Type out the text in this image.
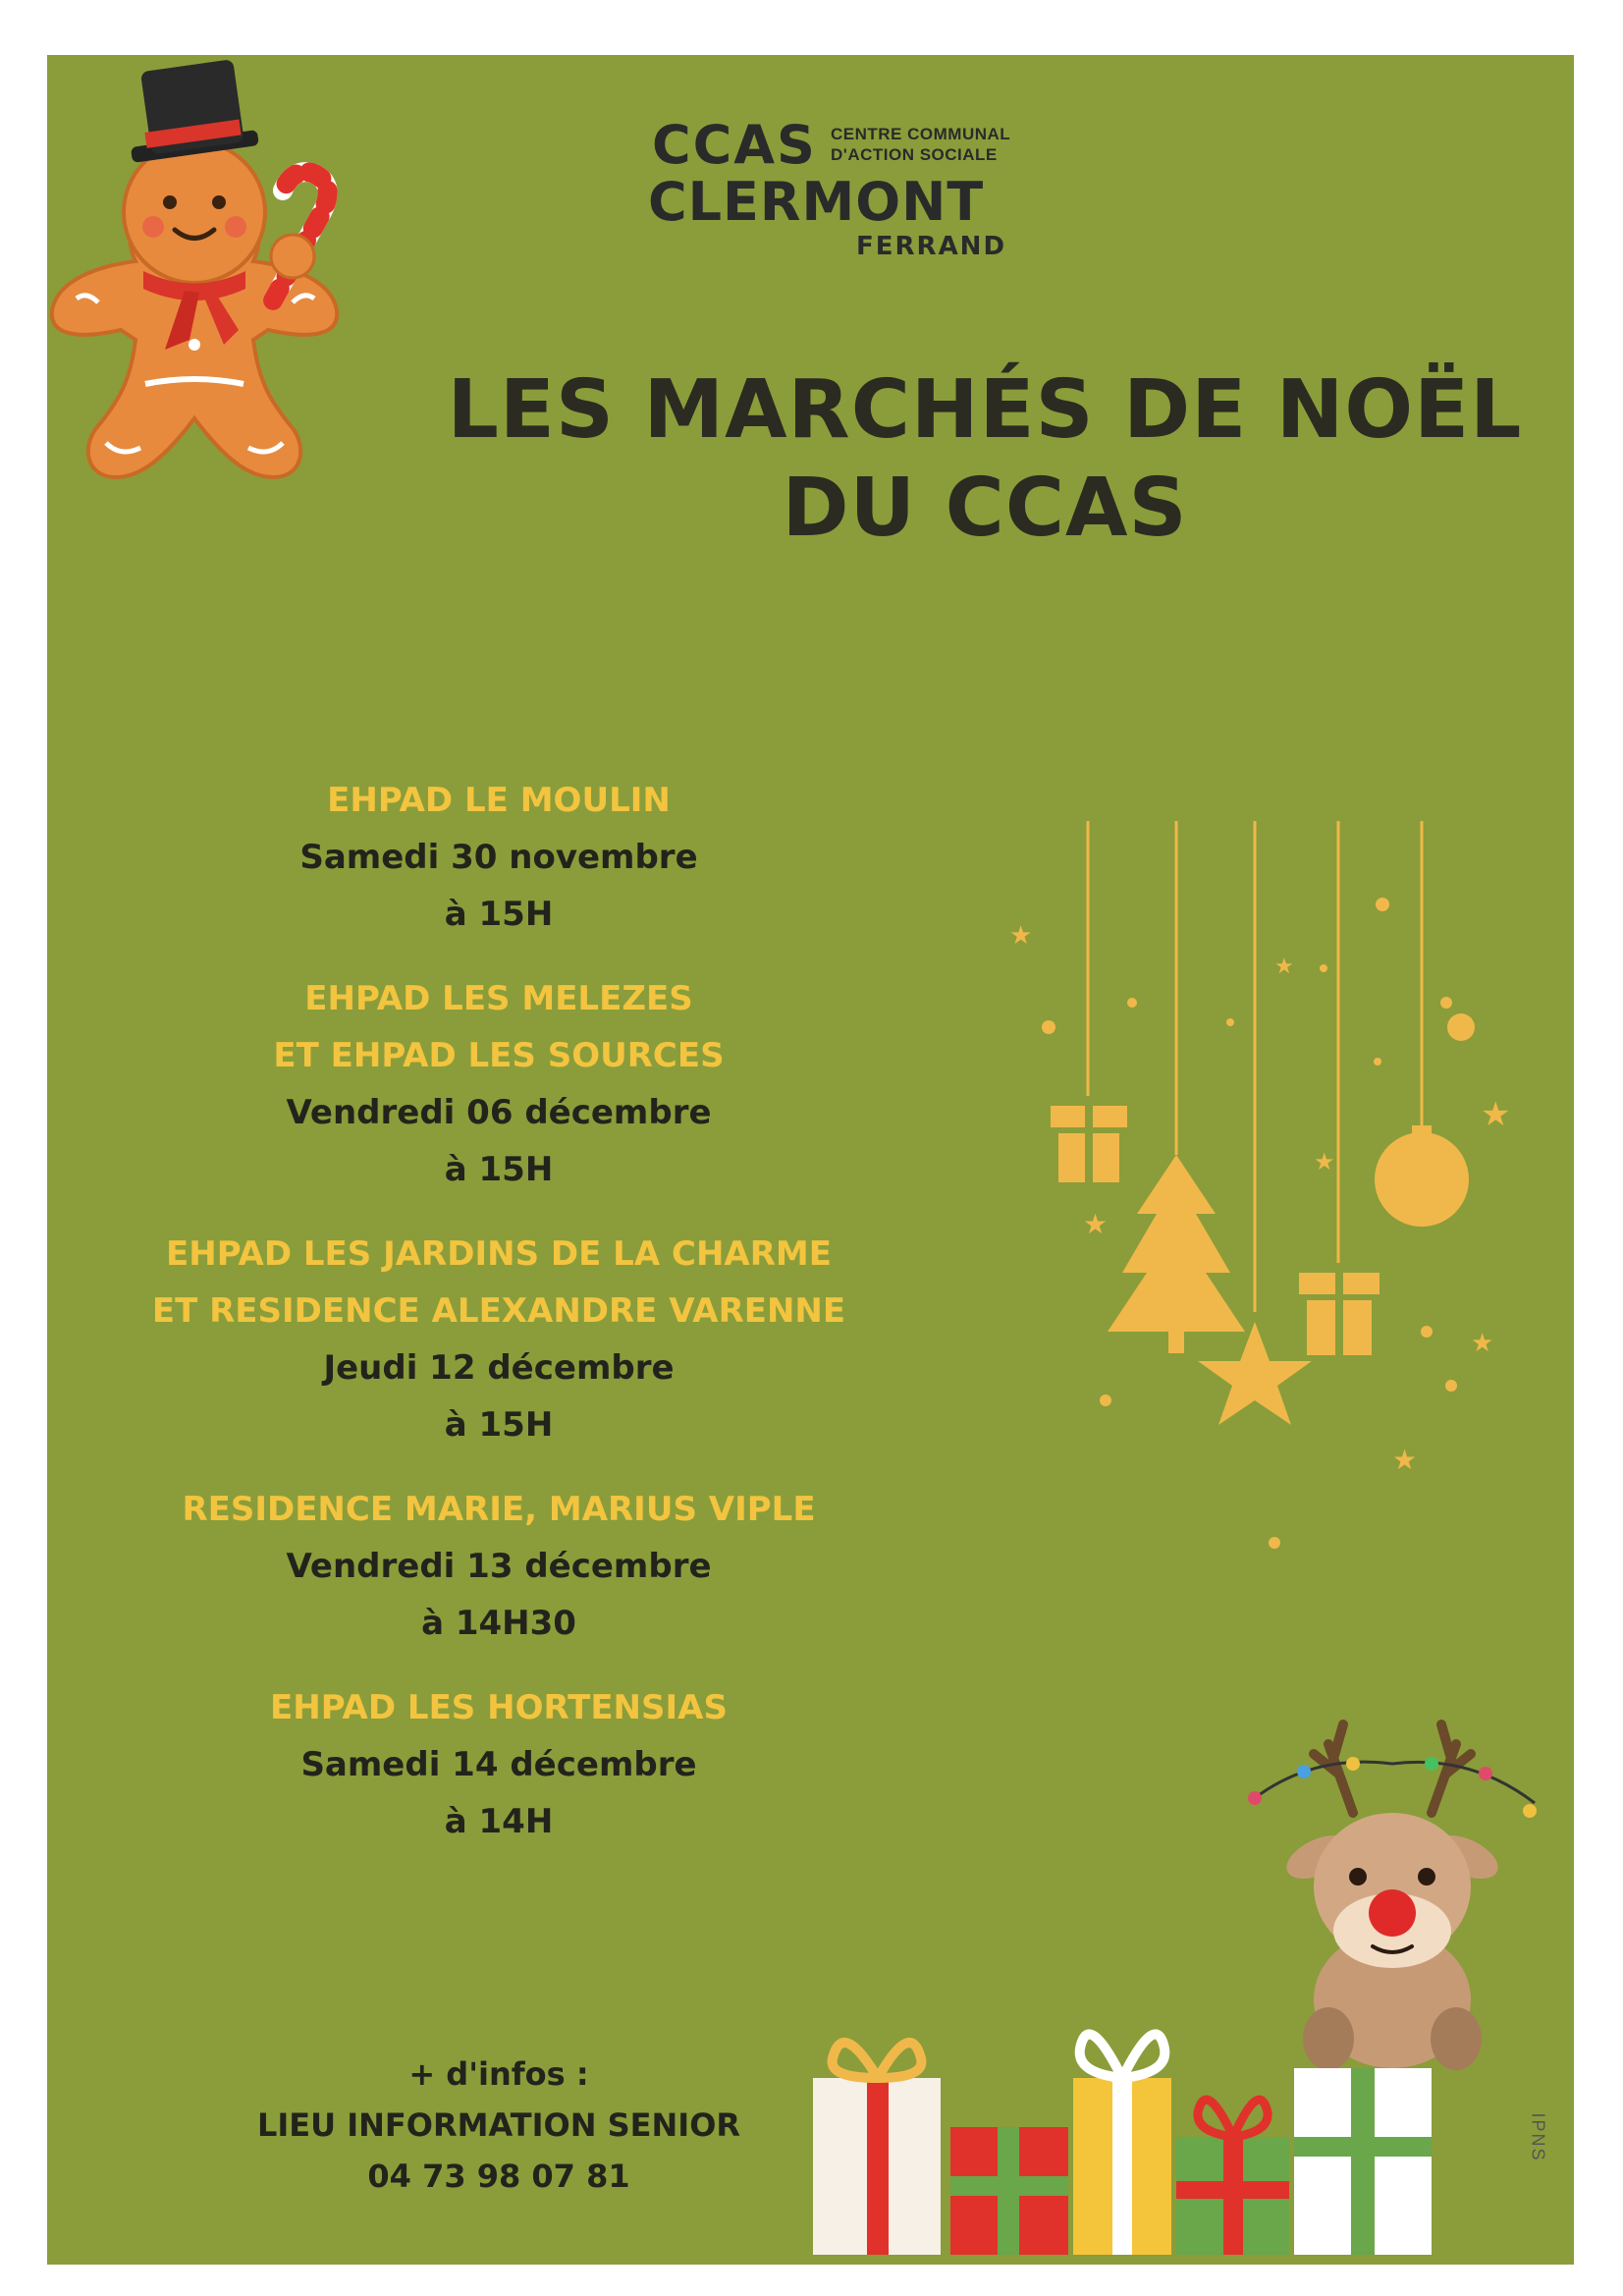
CCAS CENTRE COMMUNAL
D'ACTION SOCIALE
CLERMONT
FERRAND
LES MARCHÉS DE NOËL
DU CCAS
EHPAD LE MOULIN
Samedi 30 novembre
à 15H
EHPAD LES MELEZES
ET EHPAD LES SOURCES
Vendredi 06 décembre
à 15H
EHPAD LES JARDINS DE LA CHARME
ET RESIDENCE ALEXANDRE VARENNE
Jeudi 12 décembre
à 15H
RESIDENCE MARIE, MARIUS VIPLE
Vendredi 13 décembre
à 14H30
EHPAD LES HORTENSIAS
Samedi 14 décembre
à 14H
+ d'infos :
LIEU INFORMATION SENIOR
04 73 98 07 81
★
★
★
★
★
★
★
IPNS
